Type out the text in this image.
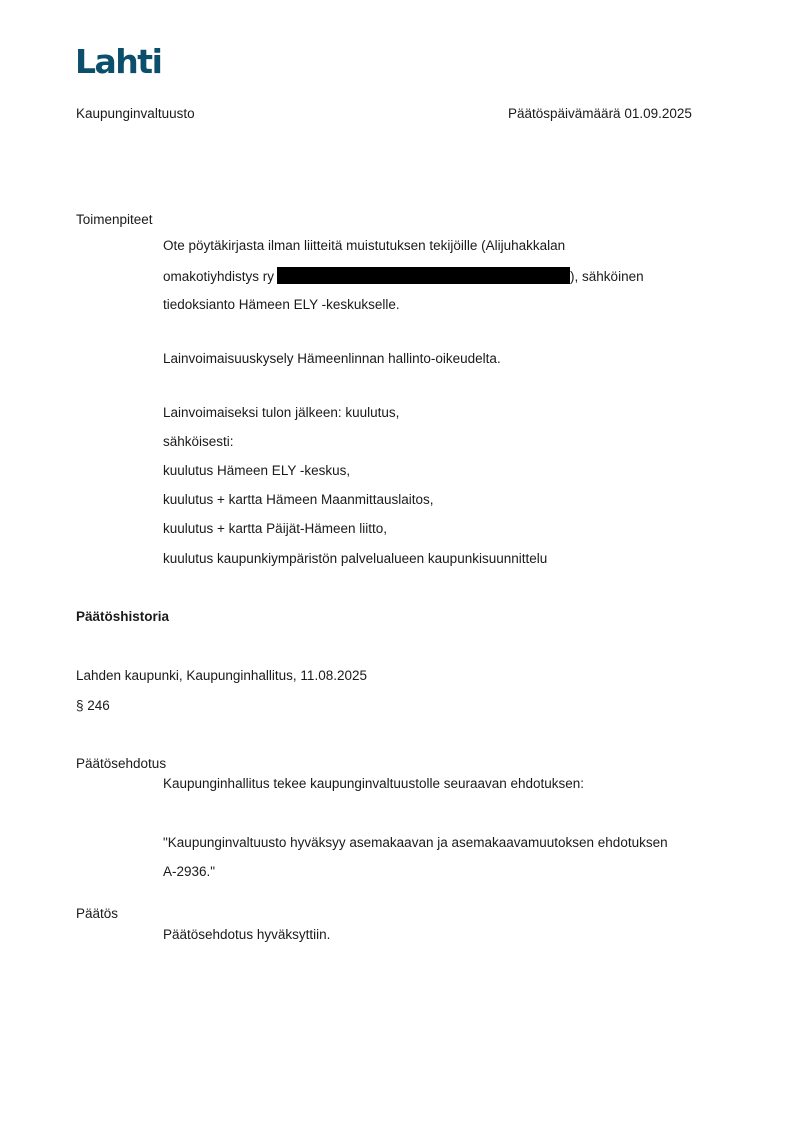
Lahti
Kaupunginvaltuusto	Päätöspäivämäärä 01.09.2025
Toimenpiteet
Ote pöytäkirjasta ilman liitteitä muistutuksen tekijöille (Alijuhakkalan
omakotiyhdistys ry	), sähköinen
tiedoksianto Hämeen ELY -keskukselle.
Lainvoimaisuuskysely Hämeenlinnan hallinto-oikeudelta.
Lainvoimaiseksi tulon jälkeen: kuulutus,
sähköisesti:
kuulutus Hämeen ELY -keskus,
kuulutus + kartta Hämeen Maanmittauslaitos,
kuulutus + kartta Päijät-Hämeen liitto,
kuulutus kaupunkiympäristön palvelualueen kaupunkisuunnittelu
Päätöshistoria
Lahden kaupunki, Kaupunginhallitus, 11.08.2025
§ 246
Päätösehdotus
Kaupunginhallitus tekee kaupunginvaltuustolle seuraavan ehdotuksen:
"Kaupunginvaltuusto hyväksyy asemakaavan ja asemakaavamuutoksen ehdotuksen
A-2936."
Päätös
Päätösehdotus hyväksyttiin.
